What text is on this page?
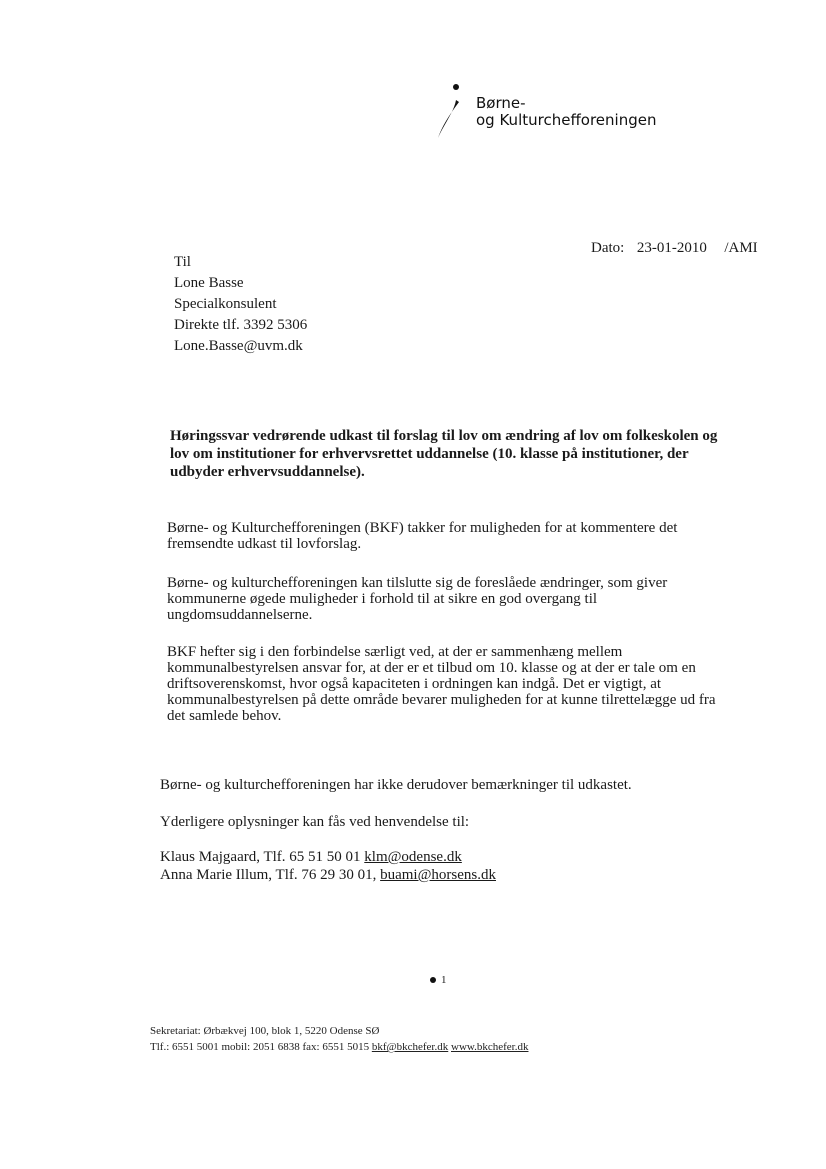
Børne-
og Kulturchefforeningen
Dato: 23-01-2010 /AMI
Til
Lone Basse
Specialkonsulent
Direkte tlf. 3392 5306
Lone.Basse@uvm.dk
Høringssvar vedrørende udkast til forslag til lov om ændring af lov om folkeskolen og lov om institutioner for erhvervsrettet uddannelse (10. klasse på institutioner, der udbyder erhvervsuddannelse).
Børne- og Kulturchefforeningen (BKF) takker for muligheden for at kommentere det
fremsendte udkast til lovforslag.
Børne- og kulturchefforeningen kan tilslutte sig de foreslåede ændringer, som giver
kommunerne øgede muligheder i forhold til at sikre en god overgang til
ungdomsuddannelserne.
BKF hefter sig i den forbindelse særligt ved, at der er sammenhæng mellem
kommunalbestyrelsen ansvar for, at der er et tilbud om 10. klasse og at der er tale om en
driftsoverenskomst, hvor også kapaciteten i ordningen kan indgå. Det er vigtigt, at
kommunalbestyrelsen på dette område bevarer muligheden for at kunne tilrettelægge ud fra
det samlede behov.
Børne- og kulturchefforeningen har ikke derudover bemærkninger til udkastet.
Yderligere oplysninger kan fås ved henvendelse til:
Klaus Majgaard, Tlf. 65 51 50 01 klm@odense.dk
Anna Marie Illum, Tlf. 76 29 30 01, buami@horsens.dk
1
Sekretariat: Ørbækvej 100, blok 1, 5220 Odense SØ
Tlf.: 6551 5001 mobil: 2051 6838 fax: 6551 5015 bkf@bkchefer.dk www.bkchefer.dk
